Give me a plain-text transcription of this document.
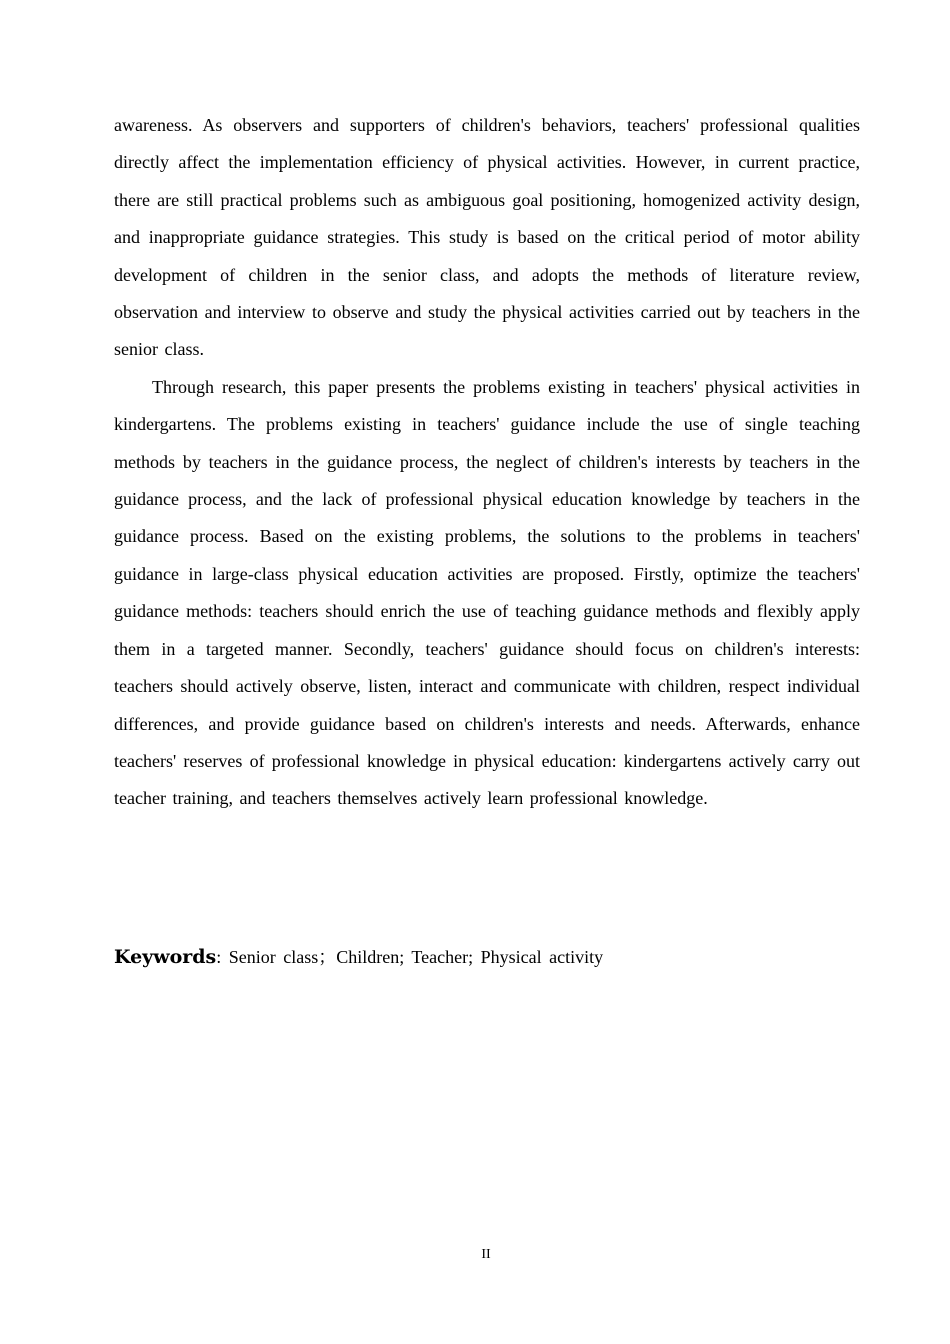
awareness. As observers and supporters of children's behaviors, teachers' professional qualities directly affect the implementation efficiency of physical activities. However, in current practice, there are still practical problems such as ambiguous goal positioning, homogenized activity design, and inappropriate guidance strategies. This study is based on the critical period of motor ability development of children in the senior class, and adopts the methods of literature review, observation and interview to observe and study the physical activities carried out by teachers in the senior class.

Through research, this paper presents the problems existing in teachers' physical activities in kindergartens. The problems existing in teachers' guidance include the use of single teaching methods by teachers in the guidance process, the neglect of children's interests by teachers in the guidance process, and the lack of professional physical education knowledge by teachers in the guidance process. Based on the existing problems, the solutions to the problems in teachers' guidance in large-class physical education activities are proposed. Firstly, optimize the teachers' guidance methods: teachers should enrich the use of teaching guidance methods and flexibly apply them in a targeted manner. Secondly, teachers' guidance should focus on children's interests: teachers should actively observe, listen, interact and communicate with children, respect individual differences, and provide guidance based on children's interests and needs. Afterwards, enhance teachers' reserves of professional knowledge in physical education: kindergartens actively carry out teacher training, and teachers themselves actively learn professional knowledge.

Keywords: Senior class；Children; Teacher; Physical activity
II
